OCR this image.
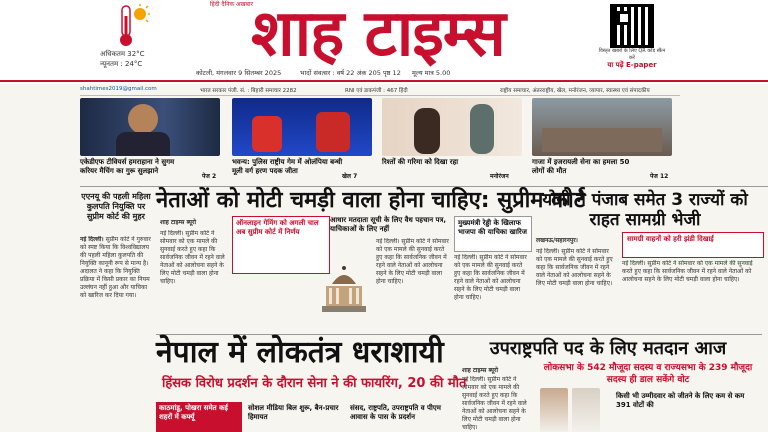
हिंदी दैनिक अखबार
अधिकतम 32°C
न्यूनतम : 24°C	शाह टाइम्स	विस्तृत खबरों के लिए QR कोड स्कैन करें
या पढ़ें E-paper
कोटली, मंगलवार 9 सितम्बर 2025	भादों संवत्सर : वर्ष 22 अंक 205 पृष्ठ 12 मूल्य मात्र 5.00
shahtimes2019@gmail.com	भारत सरकार पंजी. सं. : बिहारी समाचार 2282	RNI एवं डाकपंजी : 467 हिंदी	राष्ट्रीय समाचार, अंतरराष्ट्रीय, खेल, मनोरंजन, व्यापार, स्वास्थ्य एवं संपादकीय
एकेडीएफ टीवियर्स हमराहाना ने सुगम करियर मैचिंग का गुरू सुलझाने
पेज 2
भवन्य: पुलिस राष्ट्रीय गेम में ओलंपिया बन्धी मूली वर्ग हरण पदक जीता
खेल 7
रिश्तों की गरिमा को दिखा रहा
मनोरंजन
गाजा में इजरायली सेना का हमला 50 लोगों की मौत
पेज 12
एएनयू की पहली महिला कुलपति नियुक्ति पर सुप्रीम कोर्ट की मुहर
नई दिल्ली। सुप्रीम कोर्ट ने गुरुवार को स्पष्ट किया कि विश्वविद्यालय की पहली महिला कुलपति की नियुक्ति कानूनी रूप से मान्य है। अदालत ने कहा कि नियुक्ति प्रक्रिया में किसी प्रकार का नियम उल्लंघन नहीं हुआ और याचिका को खारिज कर दिया गया।
नेताओं को मोटी चमड़ी वाला होना चाहिए: सुप्रीम कोर्ट
शाह टाइम्स ब्यूरो	ऑनलाइन गेमिंग को अगली चाल अब सुप्रीम कोर्ट में निर्णय
नई दिल्ली। सुप्रीम कोर्ट ने सोमवार को एक मामले की सुनवाई करते हुए कहा कि सार्वजनिक जीवन में रहने वाले नेताओं को आलोचना सहने के लिए मोटी चमड़ी वाला होना चाहिए।
आधार मतदाता सूची के लिए वैध पहचान पत्र, याचिकाओं के लिए नहीं
नई दिल्ली। सुप्रीम कोर्ट ने सोमवार को एक मामले की सुनवाई करते हुए कहा कि सार्वजनिक जीवन में रहने वाले नेताओं को आलोचना सहने के लिए मोटी चमड़ी वाला होना चाहिए।
मुख्यमंत्री रेड्डी के खिलाफ भाजपा की याचिका खारिज
नई दिल्ली। सुप्रीम कोर्ट ने सोमवार को एक मामले की सुनवाई करते हुए कहा कि सार्वजनिक जीवन में रहने वाले नेताओं को आलोचना सहने के लिए मोटी चमड़ी वाला होना चाहिए।
योगी ने पंजाब समेत 3 राज्यों को राहत सामग्री भेजी
लखनऊ/सहारनपुर।
नई दिल्ली। सुप्रीम कोर्ट ने सोमवार को एक मामले की सुनवाई करते हुए कहा कि सार्वजनिक जीवन में रहने वाले नेताओं को आलोचना सहने के लिए मोटी चमड़ी वाला होना चाहिए।
सामग्री वाहनों को हरी झंडी दिखाई
नई दिल्ली। सुप्रीम कोर्ट ने सोमवार को एक मामले की सुनवाई करते हुए कहा कि सार्वजनिक जीवन में रहने वाले नेताओं को आलोचना सहने के लिए मोटी चमड़ी वाला होना चाहिए।
नेपाल में लोकतंत्र धराशायी
हिंसक विरोध प्रदर्शन के दौरान सेना ने की फायरिंग, 20 की मौत
काठमांडू, पोखरा समेत कई शहरों में कर्फ्यू
सोशल मीडिया बिल शुरू, बैन-प्रचार हिमायत
संसद, राष्ट्रपति, उपराष्ट्रपति व पीएम आवास के पास के प्रदर्शन
उपराष्ट्रपति पद के लिए मतदान आज
लोकसभा के 542 मौजूदा सदस्य व राज्यसभा के 239 मौजूदा सदस्य ही डाल सकेंगे वोट
शाह टाइम्स ब्यूरो
नई दिल्ली। सुप्रीम कोर्ट ने सोमवार को एक मामले की सुनवाई करते हुए कहा कि सार्वजनिक जीवन में रहने वाले नेताओं को आलोचना सहने के लिए मोटी चमड़ी वाला होना चाहिए।
किसी भी उम्मीदवार को जीतने के लिए कम से कम 391 वोटों की
